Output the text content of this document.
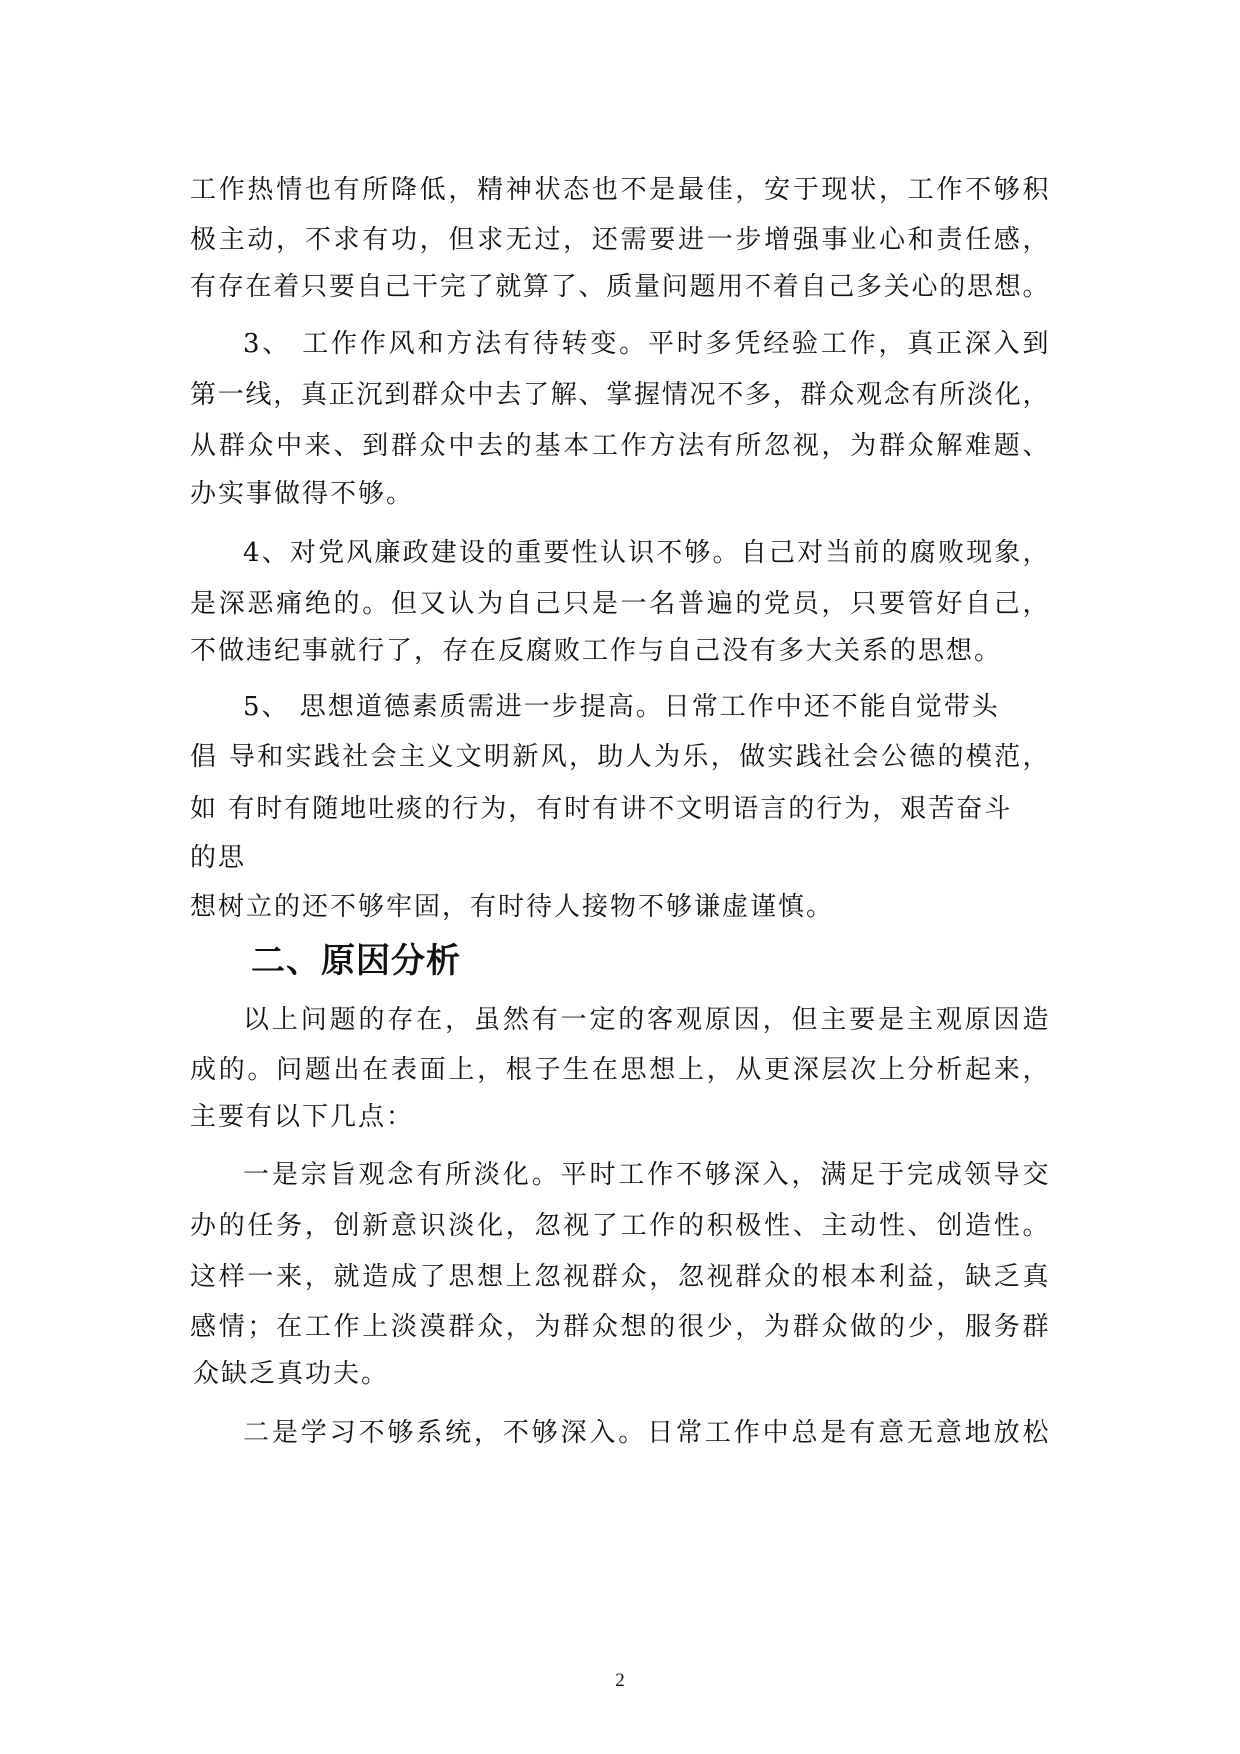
工作热情也有所降低，精神状态也不是最佳，安于现状，工作不够积
极主动，不求有功，但求无过，还需要进一步增强事业心和责任感，
有存在着只要自己干完了就算了、质量问题用不着自己多关心的思想。
3、 工作作风和方法有待转变。平时多凭经验工作，真正深入到
第一线，真正沉到群众中去了解、掌握情况不多，群众观念有所淡化，
从群众中来、到群众中去的基本工作方法有所忽视，为群众解难题、
办实事做得不够。
4、对党风廉政建设的重要性认识不够。自己对当前的腐败现象，
是深恶痛绝的。但又认为自己只是一名普遍的党员，只要管好自己，
不做违纪事就行了，存在反腐败工作与自己没有多大关系的思想。
5、 思想道德素质需进一步提高。日常工作中还不能自觉带头
倡 导和实践社会主义文明新风，助人为乐，做实践社会公德的模范，
如 有时有随地吐痰的行为，有时有讲不文明语言的行为，艰苦奋斗
的思
想树立的还不够牢固，有时待人接物不够谦虚谨慎。
二、原因分析
以上问题的存在，虽然有一定的客观原因，但主要是主观原因造
成的。问题出在表面上，根子生在思想上，从更深层次上分析起来，
主要有以下几点：
一是宗旨观念有所淡化。平时工作不够深入，满足于完成领导交
办的任务，创新意识淡化，忽视了工作的积极性、主动性、创造性。
这样一来，就造成了思想上忽视群众，忽视群众的根本利益，缺乏真
感情；在工作上淡漠群众，为群众想的很少，为群众做的少，服务群
众缺乏真功夫。
二是学习不够系统，不够深入。日常工作中总是有意无意地放松
2
